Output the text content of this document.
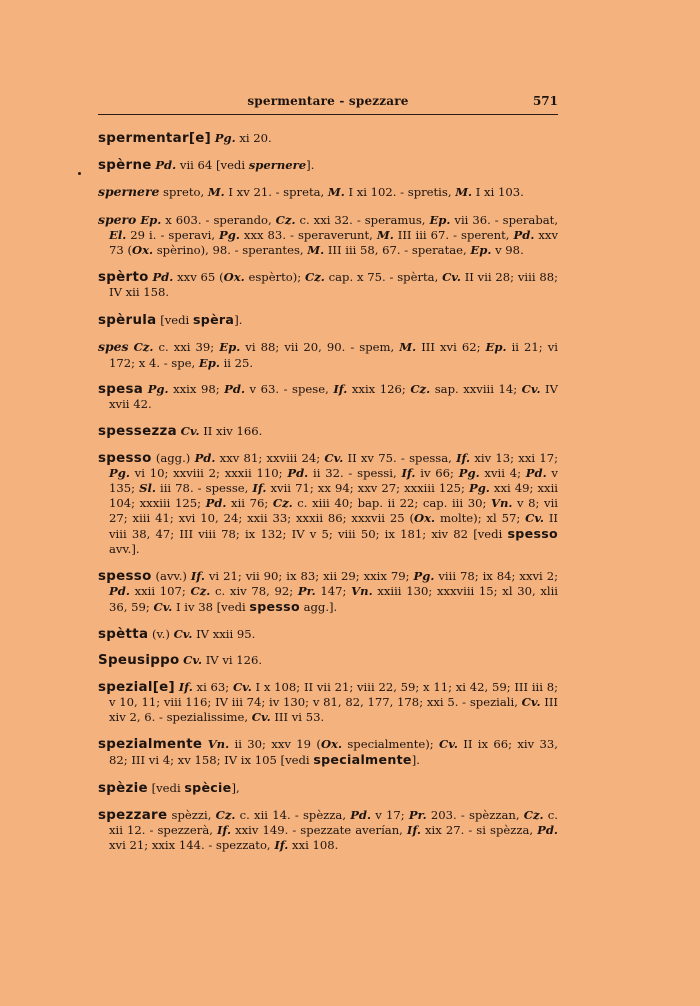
spermentare - spezzare	571

spermentar[e] Pg. xi 20.

spèrne Pd. vii 64 [vedi spernere].

spernere spreto, M. I xv 21. - spreta, M. I xi 102. - spretis, M. I xi 103.

spero Ep. x 603. - sperando, Cz. c. xxi 32. - speramus, Ep. vii 36. - sperabat, El. 29 i. - speravi, Pg. xxx 83. - speraverunt, M. III iii 67. - sperent, Pd. xxv 73 (Ox. spèrino), 98. - sperantes, M. III iii 58, 67. - speratae, Ep. v 98.

spèrto Pd. xxv 65 (Ox. espèrto); Cz. cap. x 75. - spèrta, Cv. II vii 28; viii 88; IV xii 158.

spèrula [vedi spèra].

spes Cz. c. xxi 39; Ep. vi 88; vii 20, 90. - spem, M. III xvi 62; Ep. ii 21; vi 172; x 4. - spe, Ep. ii 25.

spesa Pg. xxix 98; Pd. v 63. - spese, If. xxix 126; Cz. sap. xxviii 14; Cv. IV xvii 42.

spessezza Cv. II xiv 166.

spesso (agg.) Pd. xxv 81; xxviii 24; Cv. II xv 75. - spessa, If. xiv 13; xxi 17; Pg. vi 10; xxviii 2; xxxii 110; Pd. ii 32. - spessi, If. iv 66; Pg. xvii 4; Pd. v 135; Sl. iii 78. - spesse, If. xvii 71; xx 94; xxv 27; xxxiii 125; Pg. xxi 49; xxii 104; xxxiii 125; Pd. xii 76; Cz. c. xiii 40; bap. ii 22; cap. iii 30; Vn. v 8; vii 27; xiii 41; xvi 10, 24; xxii 33; xxxii 86; xxxvii 25 (Ox. molte); xl 57; Cv. II viii 38, 47; III viii 78; ix 132; IV v 5; viii 50; ix 181; xiv 82 [vedi spesso avv.].

spesso (avv.) If. vi 21; vii 90; ix 83; xii 29; xxix 79; Pg. viii 78; ix 84; xxvi 2; Pd. xxii 107; Cz. c. xiv 78, 92; Pr. 147; Vn. xxiii 130; xxxviii 15; xl 30, xlii 36, 59; Cv. I iv 38 [vedi spesso agg.].

spètta (v.) Cv. IV xxii 95.

Speusippo Cv. IV vi 126.

spezial[e] If. xi 63; Cv. I x 108; II vii 21; viii 22, 59; x 11; xi 42, 59; III iii 8; v 10, 11; viii 116; IV iii 74; iv 130; v 81, 82, 177, 178; xxi 5. - speziali, Cv. III xiv 2, 6. - spezialissime, Cv. III vi 53.

spezialmente Vn. ii 30; xxv 19 (Ox. specialmente); Cv. II ix 66; xiv 33, 82; III vi 4; xv 158; IV ix 105 [vedi specialmente].

spèzie [vedi spècie],

spezzare spèzzi, Cz. c. xii 14. - spèzza, Pd. v 17; Pr. 203. - spèzzan, Cz. c. xii 12. - spezzerà, If. xxiv 149. - spezzate averían, If. xix 27. - si spèzza, Pd. xvi 21; xxix 144. - spezzato, If. xxi 108.
